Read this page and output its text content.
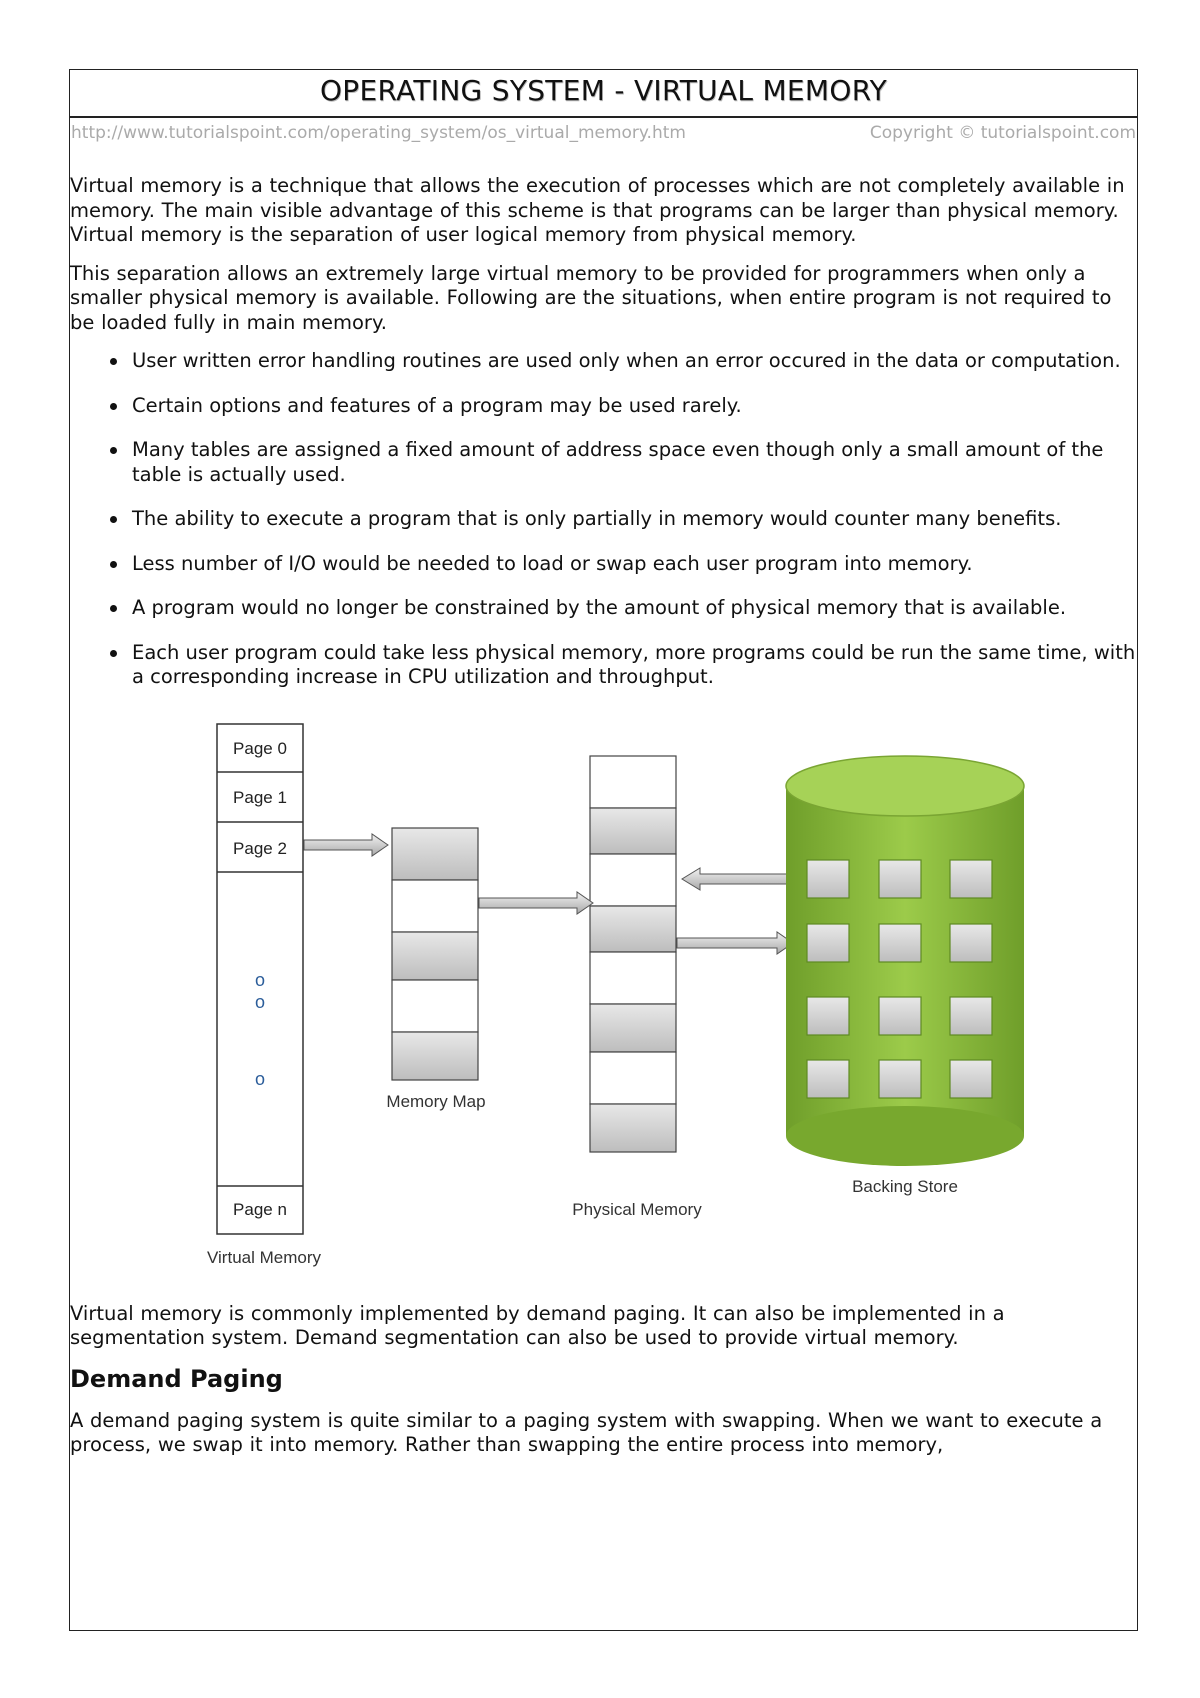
OPERATING SYSTEM - VIRTUAL MEMORY
http://www.tutorialspoint.com/operating_system/os_virtual_memory.htm	Copyright © tutorialspoint.com

Virtual memory is a technique that allows the execution of processes which are not completely available in memory. The main visible advantage of this scheme is that programs can be larger than physical memory. Virtual memory is the separation of user logical memory from physical memory.

This separation allows an extremely large virtual memory to be provided for programmers when only a smaller physical memory is available. Following are the situations, when entire program is not required to be loaded fully in main memory.

User written error handling routines are used only when an error occured in the data or computation.
Certain options and features of a program may be used rarely.
Many tables are assigned a fixed amount of address space even though only a small amount of the table is actually used.
The ability to execute a program that is only partially in memory would counter many benefits.
Less number of I/O would be needed to load or swap each user program into memory.
A program would no longer be constrained by the amount of physical memory that is available.
Each user program could take less physical memory, more programs could be run the same time, with a corresponding increase in CPU utilization and throughput.
Page 0
Page 1
Page 2
o
o
o
Page n
Virtual Memory
Memory Map
Physical Memory
Backing Store

Virtual memory is commonly implemented by demand paging. It can also be implemented in a segmentation system. Demand segmentation can also be used to provide virtual memory.

Demand Paging

A demand paging system is quite similar to a paging system with swapping. When we want to execute a process, we swap it into memory. Rather than swapping the entire process into memory,
